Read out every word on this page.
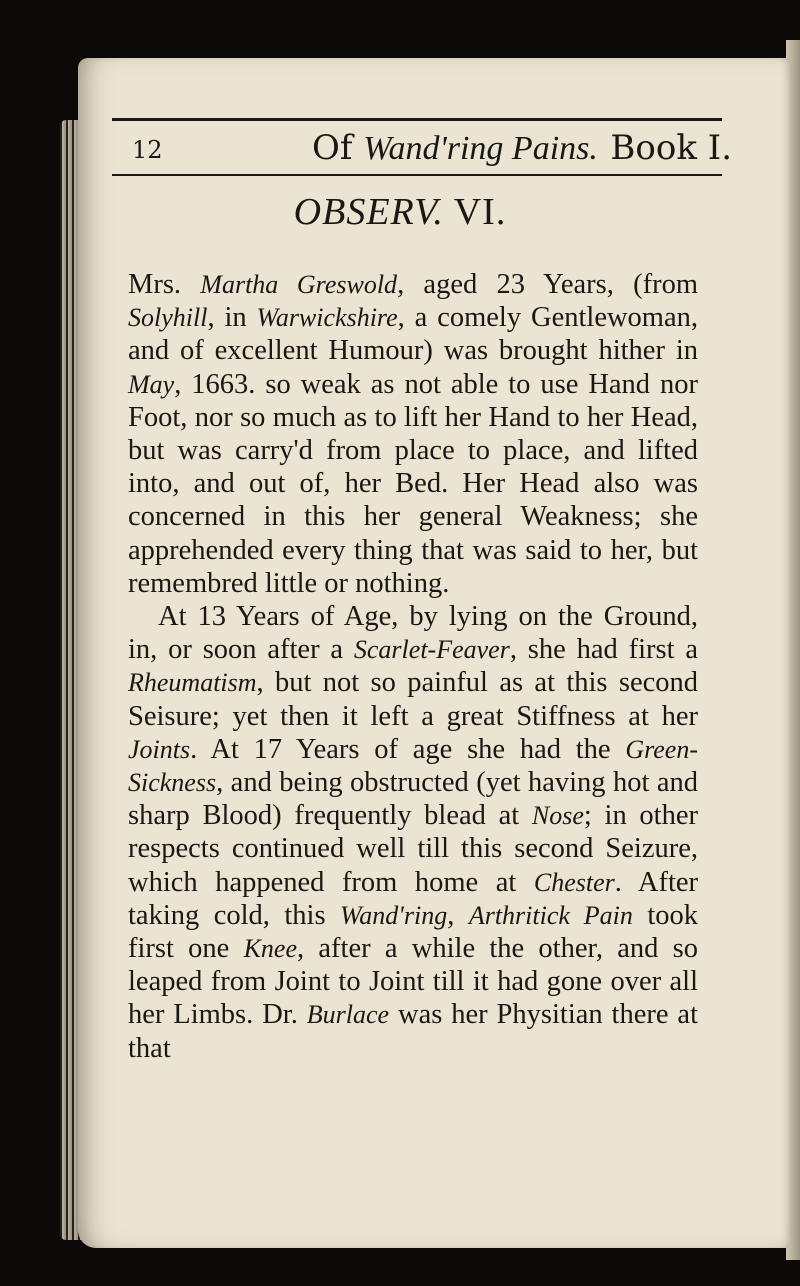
12	Of Wand'ring Pains. Book I.
OBSERV. VI.

Mrs. Martha Greswold, aged 23 Years, (from Solyhill, in Warwickshire, a comely Gentlewoman, and of excellent Humour) was brought hither in May, 1663. so weak as not able to use Hand nor Foot, nor so much as to lift her Hand to her Head, but was carry'd from place to place, and lifted into, and out of, her Bed. Her Head also was concerned in this her general Weakness; she apprehended every thing that was said to her, but remembred little or nothing.

At 13 Years of Age, by lying on the Ground, in, or soon after a Scarlet-Feaver, she had first a Rheumatism, but not so painful as at this second Seisure; yet then it left a great Stiffness at her Joints. At 17 Years of age she had the Green-Sickness, and being obstructed (yet having hot and sharp Blood) frequently blead at Nose; in other respects continued well till this second Seizure, which happened from home at Chester. After taking cold, this Wand'ring, Arthritick Pain took first one Knee, after a while the other, and so leaped from Joint to Joint till it had gone over all her Limbs. Dr. Burlace was her Physitian there at that
